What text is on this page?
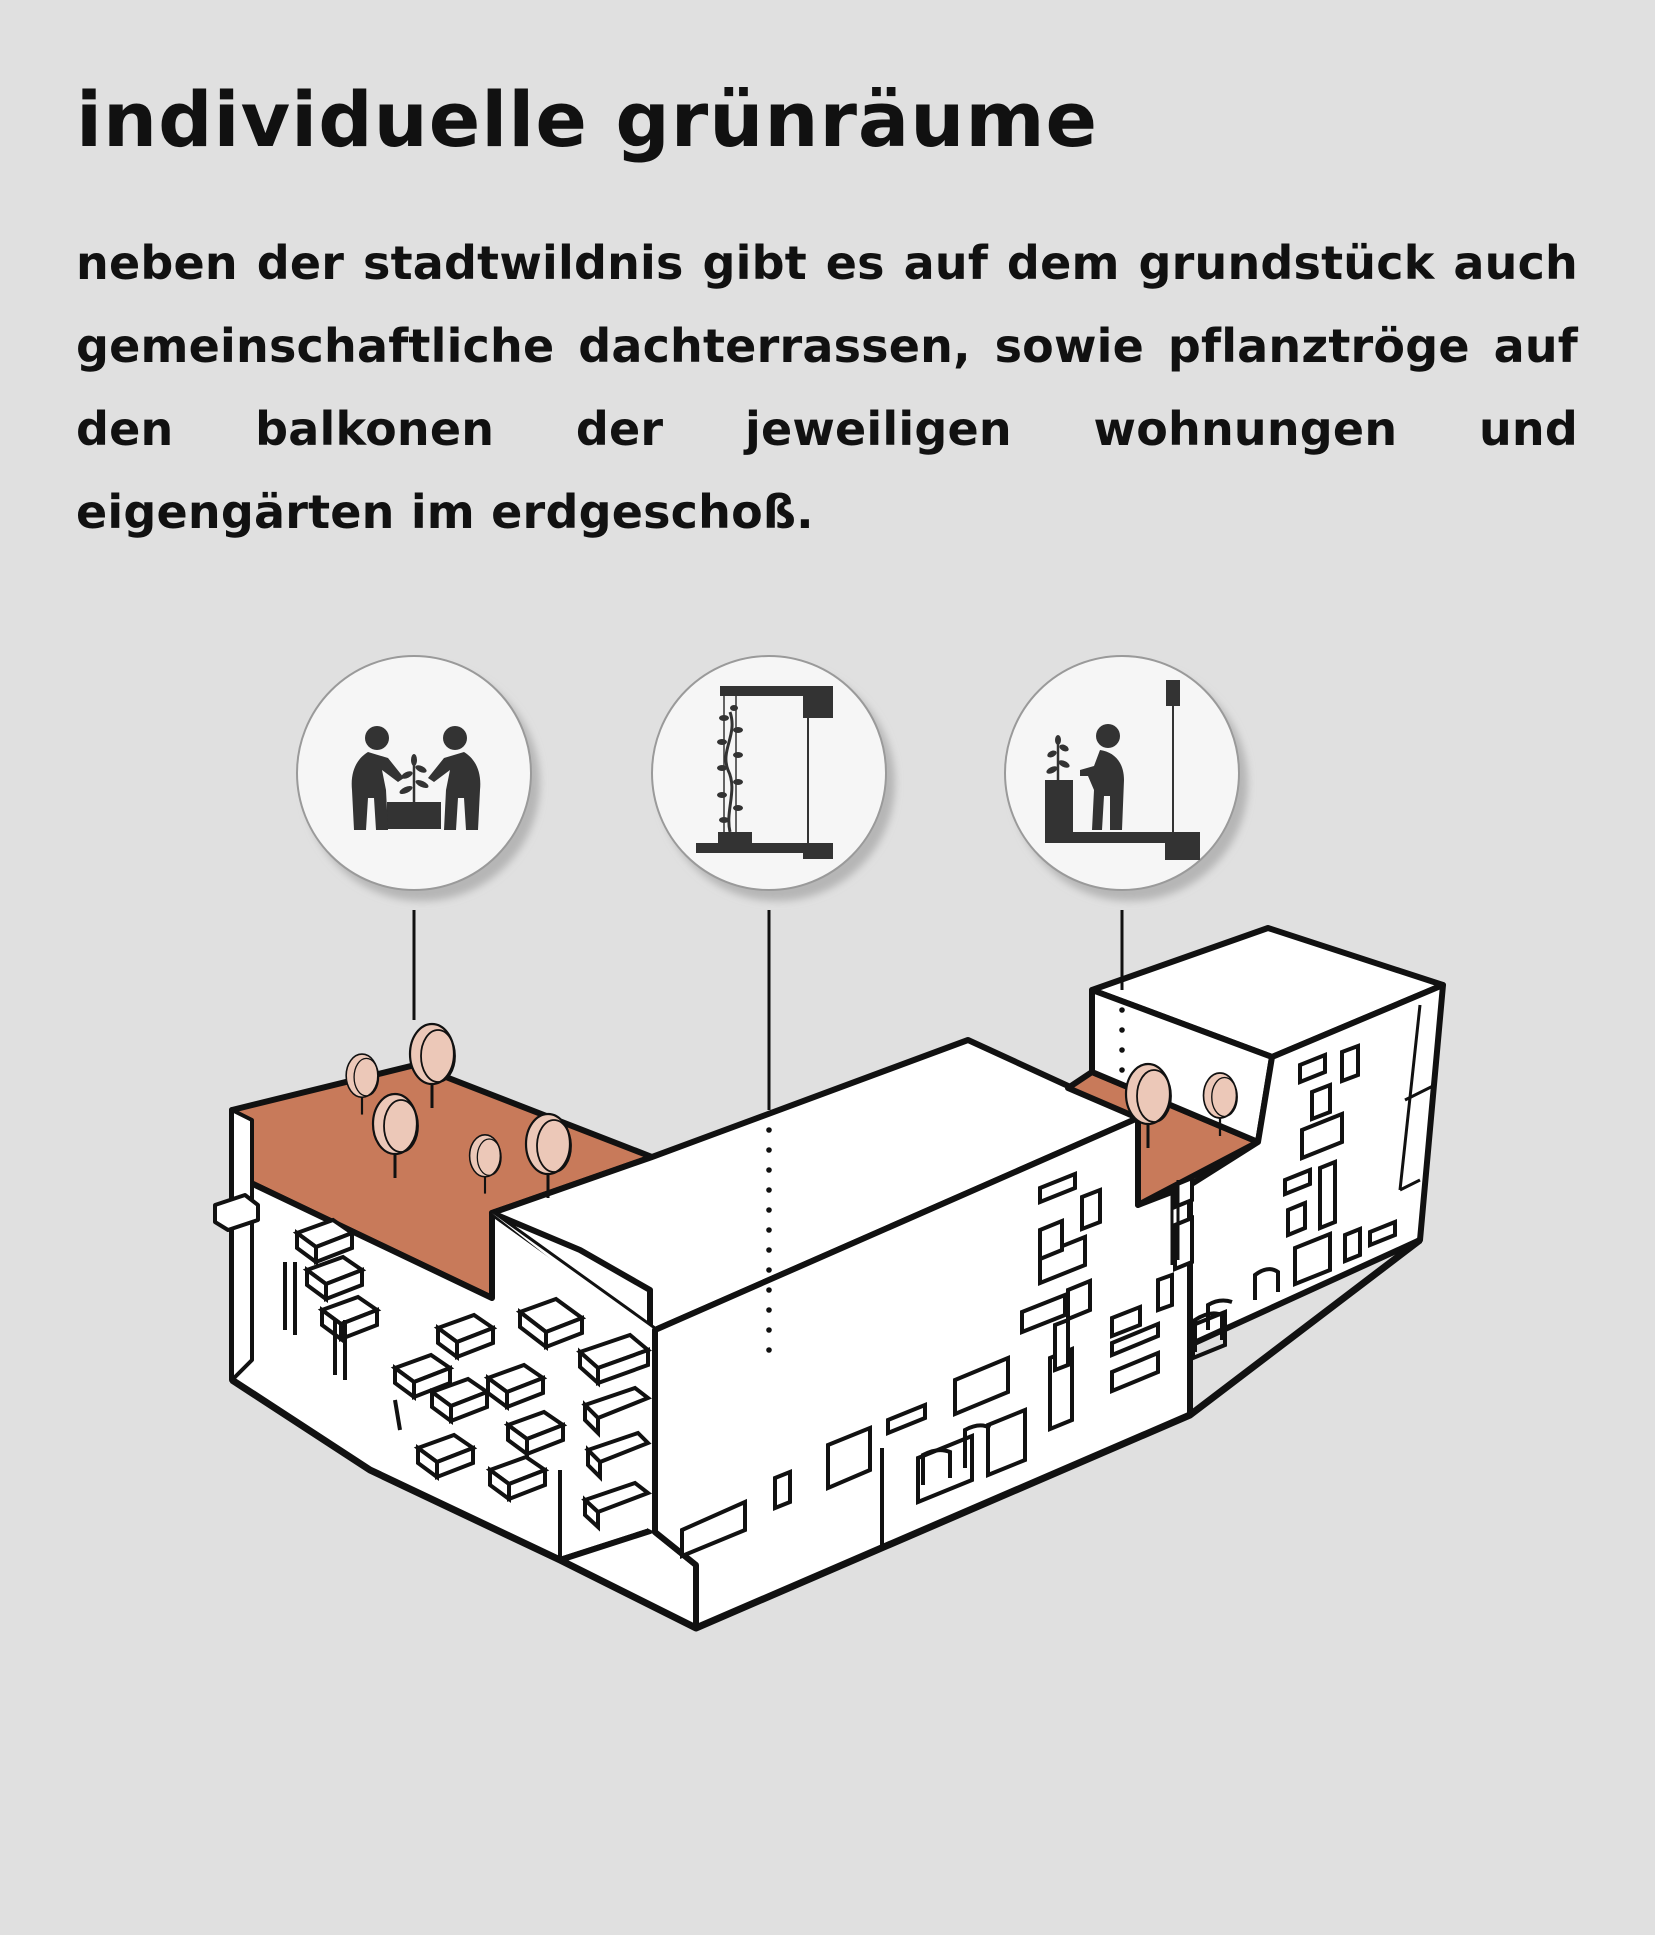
individuelle grünräume

neben der stadtwildnis gibt es auf dem grundstück auch gemeinschaftliche dachterrassen, sowie pflanztröge auf den balkonen der jeweiligen wohnungen und eigengärten im erdgeschoß.
